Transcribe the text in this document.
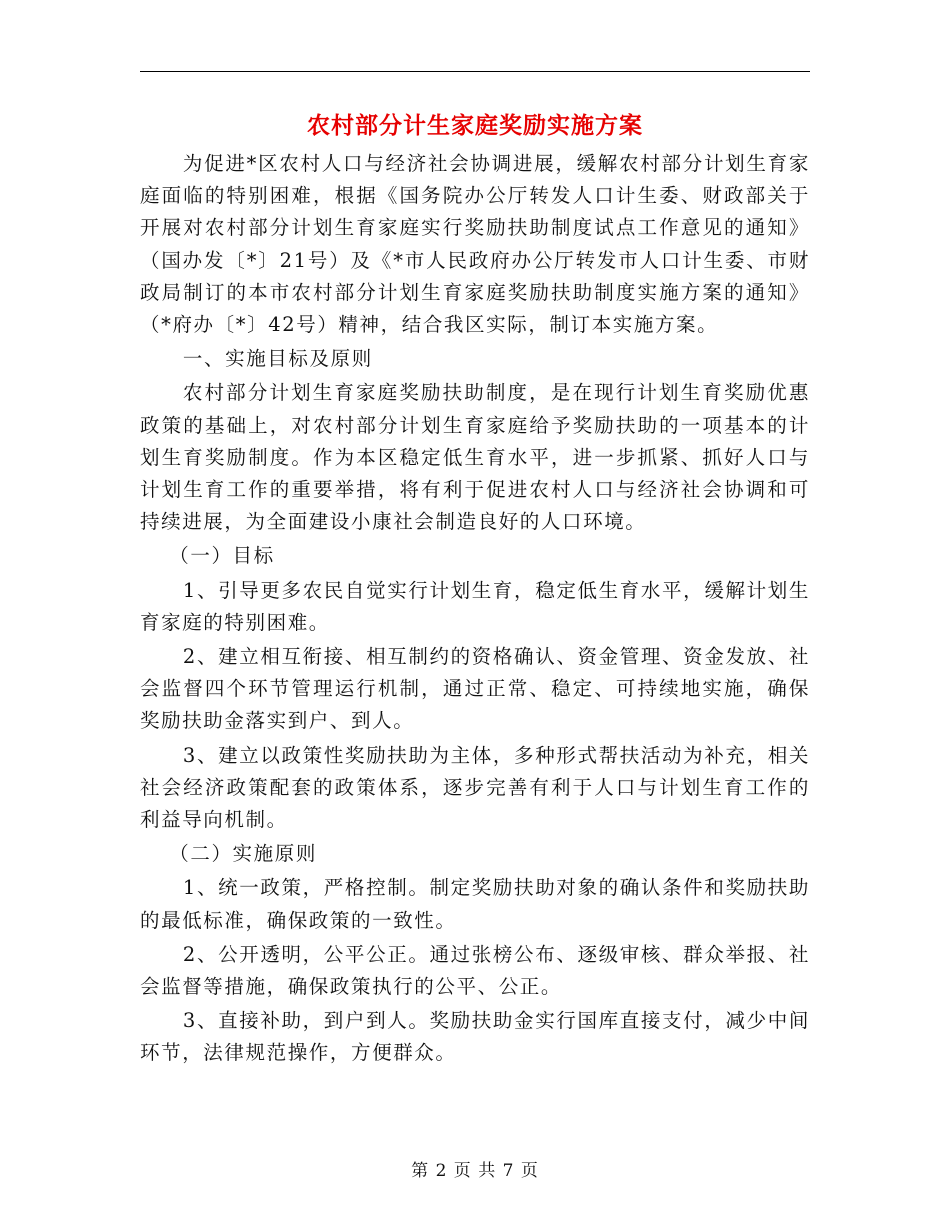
农村部分计生家庭奖励实施方案

为促进*区农村人口与经济社会协调进展，缓解农村部分计划生育家庭面临的特别困难，根据《国务院办公厅转发人口计生委、财政部关于开展对农村部分计划生育家庭实行奖励扶助制度试点工作意见的通知》（国办发〔*〕21号）及《*市人民政府办公厅转发市人口计生委、市财政局制订的本市农村部分计划生育家庭奖励扶助制度实施方案的通知》（*府办〔*〕42号）精神，结合我区实际，制订本实施方案。

一、实施目标及原则

农村部分计划生育家庭奖励扶助制度，是在现行计划生育奖励优惠政策的基础上，对农村部分计划生育家庭给予奖励扶助的一项基本的计划生育奖励制度。作为本区稳定低生育水平，进一步抓紧、抓好人口与计划生育工作的重要举措，将有利于促进农村人口与经济社会协调和可持续进展，为全面建设小康社会制造良好的人口环境。

（一）目标

1、引导更多农民自觉实行计划生育，稳定低生育水平，缓解计划生育家庭的特别困难。

2、建立相互衔接、相互制约的资格确认、资金管理、资金发放、社会监督四个环节管理运行机制，通过正常、稳定、可持续地实施，确保奖励扶助金落实到户、到人。

3、建立以政策性奖励扶助为主体，多种形式帮扶活动为补充，相关社会经济政策配套的政策体系，逐步完善有利于人口与计划生育工作的利益导向机制。

（二）实施原则

1、统一政策，严格控制。制定奖励扶助对象的确认条件和奖励扶助的最低标准，确保政策的一致性。

2、公开透明，公平公正。通过张榜公布、逐级审核、群众举报、社会监督等措施，确保政策执行的公平、公正。

3、直接补助，到户到人。奖励扶助金实行国库直接支付，减少中间环节，法律规范操作，方便群众。

第 2 页 共 7 页
